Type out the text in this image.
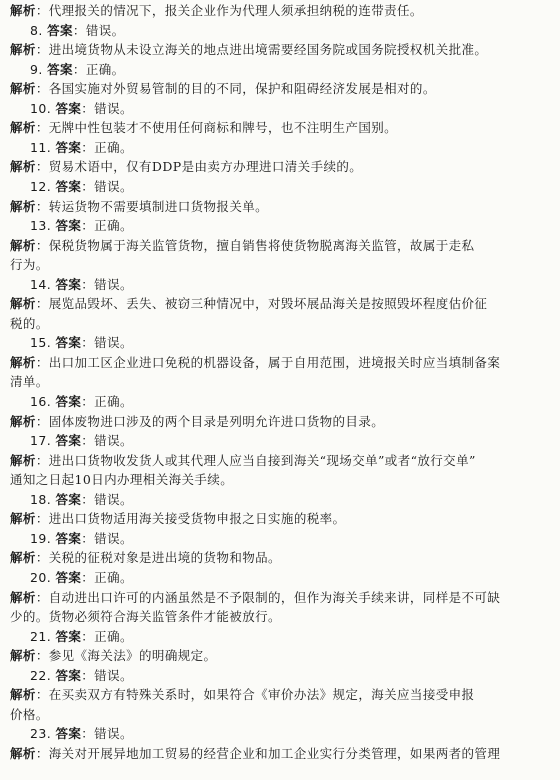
解析：代理报关的情况下，报关企业作为代理人须承担纳税的连带责任。
8. 答案：错误。
解析：进出境货物从未设立海关的地点进出境需要经国务院或国务院授权机关批准。
9. 答案：正确。
解析：各国实施对外贸易管制的目的不同，保护和阻碍经济发展是相对的。
10. 答案：错误。
解析：无牌中性包装才不使用任何商标和牌号，也不注明生产国别。
11. 答案：正确。
解析：贸易术语中，仅有DDP是由卖方办理进口清关手续的。
12. 答案：错误。
解析：转运货物不需要填制进口货物报关单。
13. 答案：正确。
解析：保税货物属于海关监管货物，擅自销售将使货物脱离海关监管，故属于走私
行为。
14. 答案：错误。
解析：展览品毁坏、丢失、被窃三种情况中，对毁坏展品海关是按照毁坏程度估价征
税的。
15. 答案：错误。
解析：出口加工区企业进口免税的机器设备，属于自用范围，进境报关时应当填制备案
清单。
16. 答案：正确。
解析：固体废物进口涉及的两个目录是列明允许进口货物的目录。
17. 答案：错误。
解析：进出口货物收发货人或其代理人应当自接到海关“现场交单”或者“放行交单”
通知之日起10日内办理相关海关手续。
18. 答案：错误。
解析：进出口货物适用海关接受货物申报之日实施的税率。
19. 答案：错误。
解析：关税的征税对象是进出境的货物和物品。
20. 答案：正确。
解析：自动进出口许可的内涵虽然是不予限制的，但作为海关手续来讲，同样是不可缺
少的。货物必须符合海关监管条件才能被放行。
21. 答案：正确。
解析：参见《海关法》的明确规定。
22. 答案：错误。
解析：在买卖双方有特殊关系时，如果符合《审价办法》规定，海关应当接受申报
价格。
23. 答案：错误。
解析：海关对开展异地加工贸易的经营企业和加工企业实行分类管理，如果两者的管理
